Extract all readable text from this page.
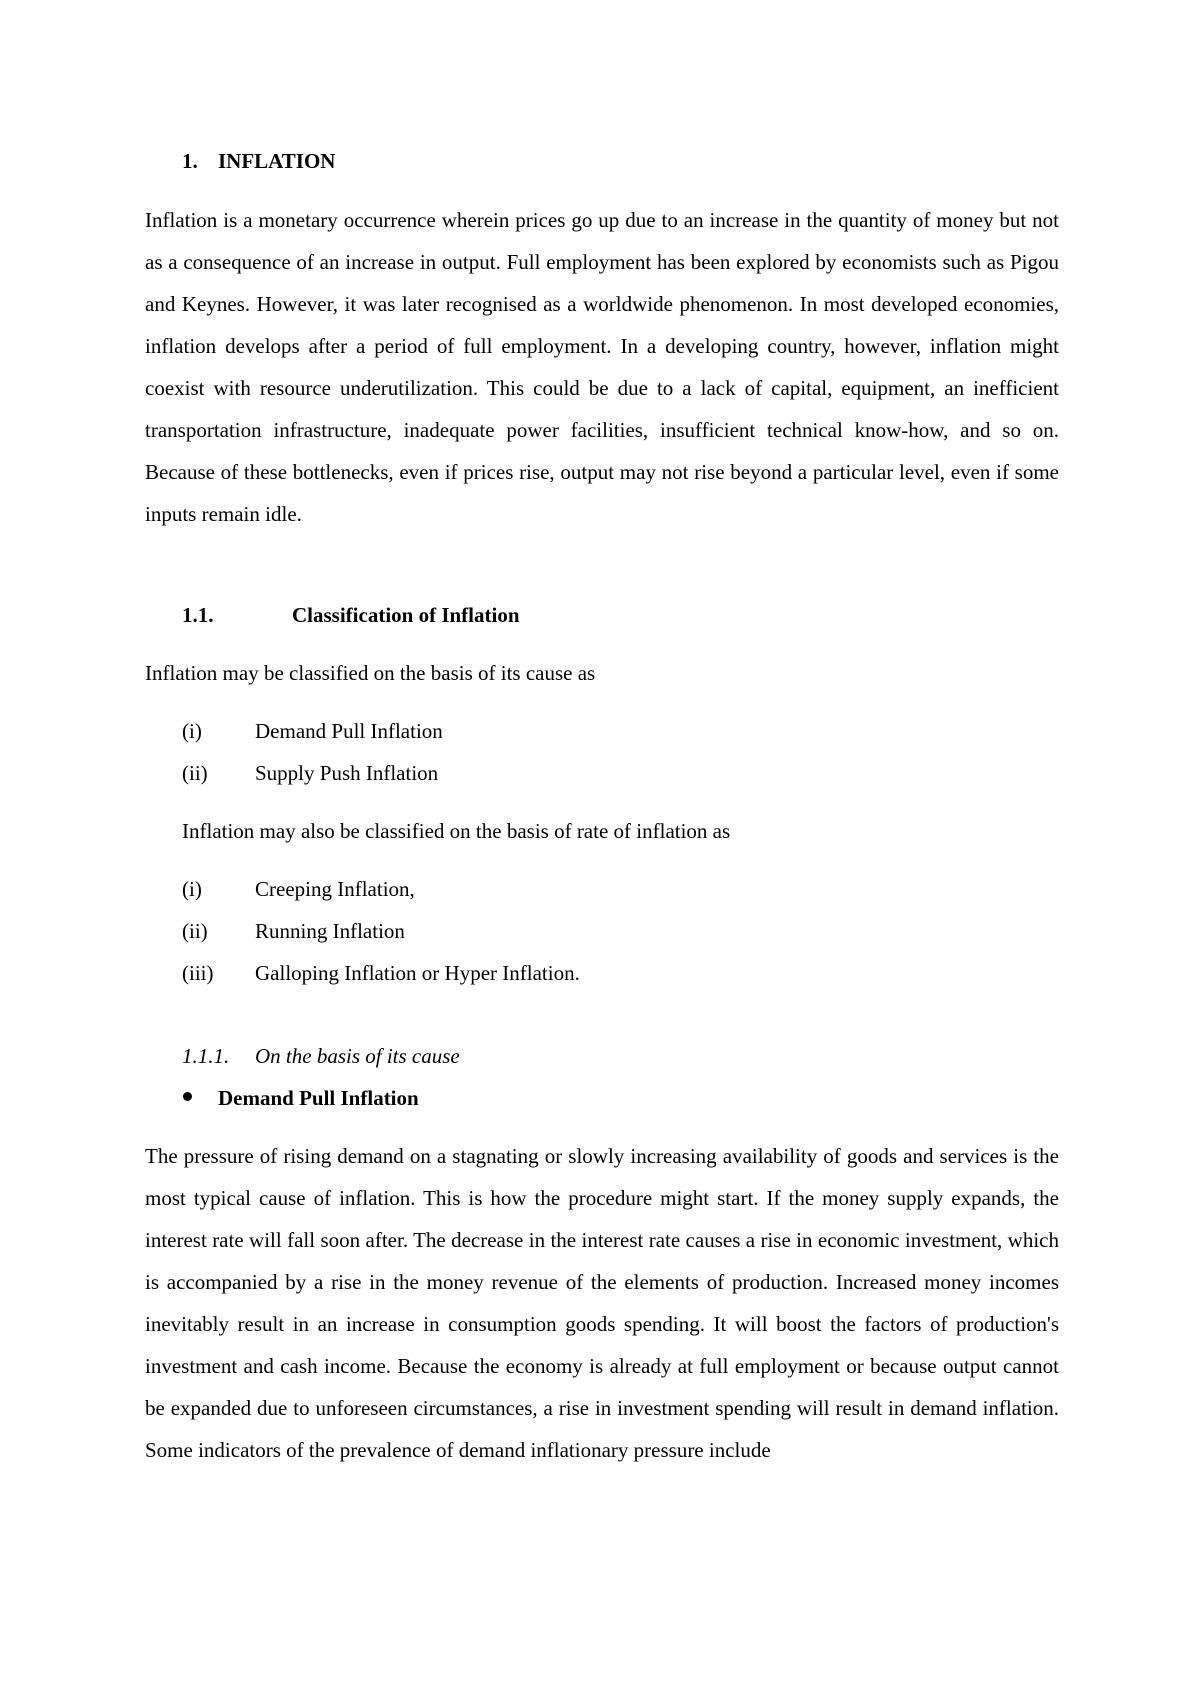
1. INFLATION
Inflation is a monetary occurrence wherein prices go up due to an increase in the quantity of money but not as a consequence of an increase in output. Full employment has been explored by economists such as Pigou and Keynes. However, it was later recognised as a worldwide phenomenon. In most developed economies, inflation develops after a period of full employment. In a developing country, however, inflation might coexist with resource underutilization. This could be due to a lack of capital, equipment, an inefficient transportation infrastructure, inadequate power facilities, insufficient technical know-how, and so on. Because of these bottlenecks, even if prices rise, output may not rise beyond a particular level, even if some inputs remain idle.
1.1.	Classification of Inflation
Inflation may be classified on the basis of its cause as
(i)	Demand Pull Inflation
(ii) Supply Push Inflation
Inflation may also be classified on the basis of rate of inflation as
(i)	Creeping Inflation,
(ii) Running Inflation
(iii) Galloping Inflation or Hyper Inflation.
1.1.1. On the basis of its cause
Demand Pull Inflation
The pressure of rising demand on a stagnating or slowly increasing availability of goods and services is the most typical cause of inflation. This is how the procedure might start. If the money supply expands, the interest rate will fall soon after. The decrease in the interest rate causes a rise in economic investment, which is accompanied by a rise in the money revenue of the elements of production. Increased money incomes inevitably result in an increase in consumption goods spending. It will boost the factors of production's investment and cash income. Because the economy is already at full employment or because output cannot be expanded due to unforeseen circumstances, a rise in investment spending will result in demand inflation. Some indicators of the prevalence of demand inflationary pressure include
